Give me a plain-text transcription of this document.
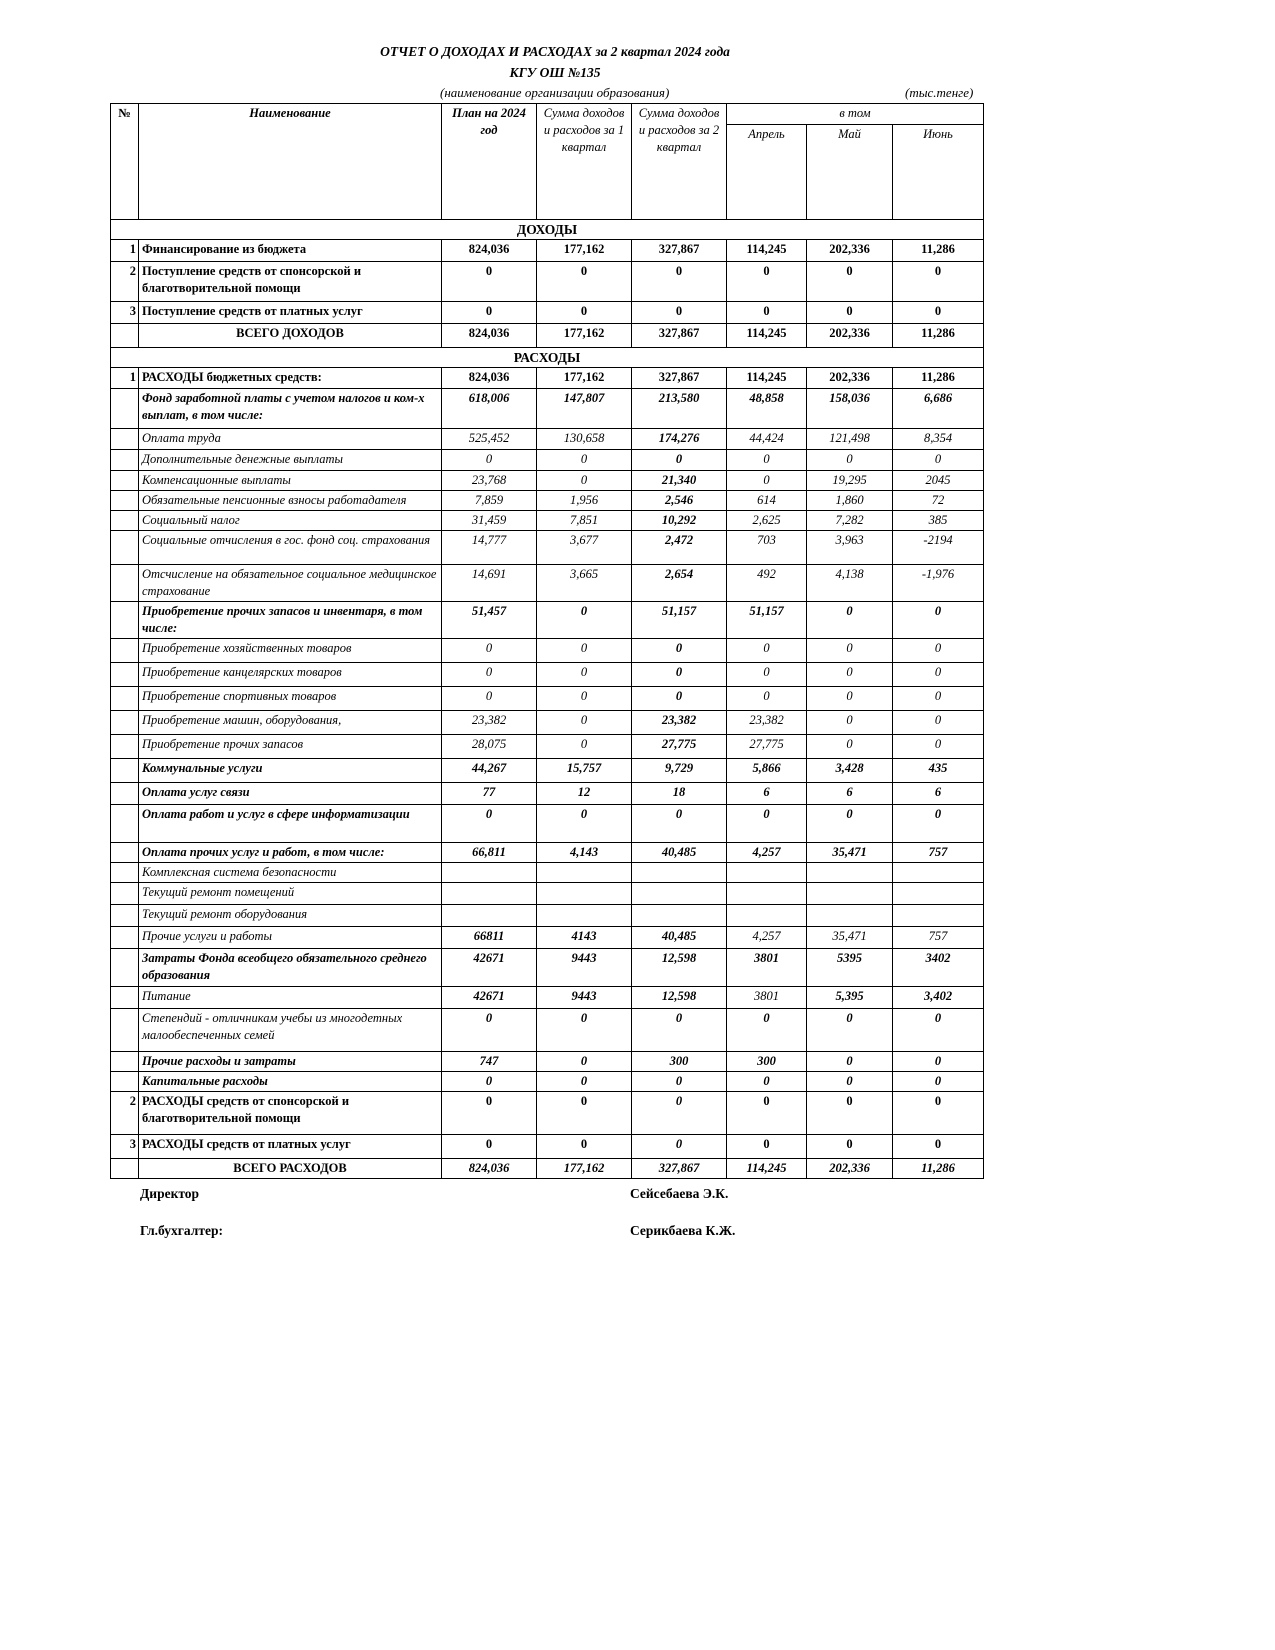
ОТЧЕТ О ДОХОДАХ И РАСХОДАХ за 2 квартал 2024 года
КГУ ОШ №135
(наименование организации образования)	(тыс.тенге)
№	Наименование	План на 2024 год	Сумма доходов и расходов за 1 квартал	Сумма доходов и расходов за 2 квартал	в том		
					Апрель	Май	Июнь
ДОХОДЫ							
1	Финансирование из бюджета	824,036	177,162	327,867	114,245	202,336	11,286
2	Поступление средств от спонсорской и благотворительной помощи	0	0	0	0	0	0
3	Поступление средств от платных услуг	0	0	0	0	0	0
	ВСЕГО ДОХОДОВ	824,036	177,162	327,867	114,245	202,336	11,286
РАСХОДЫ							
1	РАСХОДЫ бюджетных средств:	824,036	177,162	327,867	114,245	202,336	11,286
	Фонд заработной платы с учетом налогов и ком-х выплат, в том числе:	618,006	147,807	213,580	48,858	158,036	6,686
	Оплата труда	525,452	130,658	174,276	44,424	121,498	8,354
	Дополнительные денежные выплаты	0	0	0	0	0	0
	Компенсационные выплаты	23,768	0	21,340	0	19,295	2045
	Обязательные пенсионные взносы работадателя	7,859	1,956	2,546	614	1,860	72
	Социальный налог	31,459	7,851	10,292	2,625	7,282	385
	Социальные отчисления в гос. фонд соц. страхования	14,777	3,677	2,472	703	3,963	-2194
	Отсчисление на обязательное социальное медицинское страхование	14,691	3,665	2,654	492	4,138	-1,976
	Приобретение прочих запасов и инвентаря, в том числе:	51,457	0	51,157	51,157	0	0
	Приобретение хозяйственных товаров	0	0	0	0	0	0
	Приобретение канцелярских товаров	0	0	0	0	0	0
	Приобретение спортивных товаров	0	0	0	0	0	0
	Приобретение машин, оборудования,	23,382	0	23,382	23,382	0	0
	Приобретение прочих запасов	28,075	0	27,775	27,775	0	0
	Коммунальные услуги	44,267	15,757	9,729	5,866	3,428	435
	Оплата услуг связи	77	12	18	6	6	6
	Оплата работ и услуг в сфере информатизации	0	0	0	0	0	0
	Оплата прочих услуг и работ, в том числе:	66,811	4,143	40,485	4,257	35,471	757
	Комплексная система безопасности						
	Текущий ремонт помещений						
	Текущий ремонт оборудования						
	Прочие услуги и работы	66811	4143	40,485	4,257	35,471	757
	Затраты Фонда всеобщего обязательного среднего образования	42671	9443	12,598	3801	5395	3402
	Питание	42671	9443	12,598	3801	5,395	3,402
	Степендий - отличникам учебы из многодетных малообеспеченных семей	0	0	0	0	0	0
	Прочие расходы и затраты	747	0	300	300	0	0
	Капитальные расходы	0	0	0	0	0	0
2	РАСХОДЫ средств от спонсорской и благотворительной помощи	0	0	0	0	0	0
3	РАСХОДЫ средств от платных услуг	0	0	0	0	0	0
	ВСЕГО РАСХОДОВ	824,036	177,162	327,867	114,245	202,336	11,286
Директор	Сейсебаева Э.К.
Гл.бухгалтер:	Серикбаева К.Ж.
